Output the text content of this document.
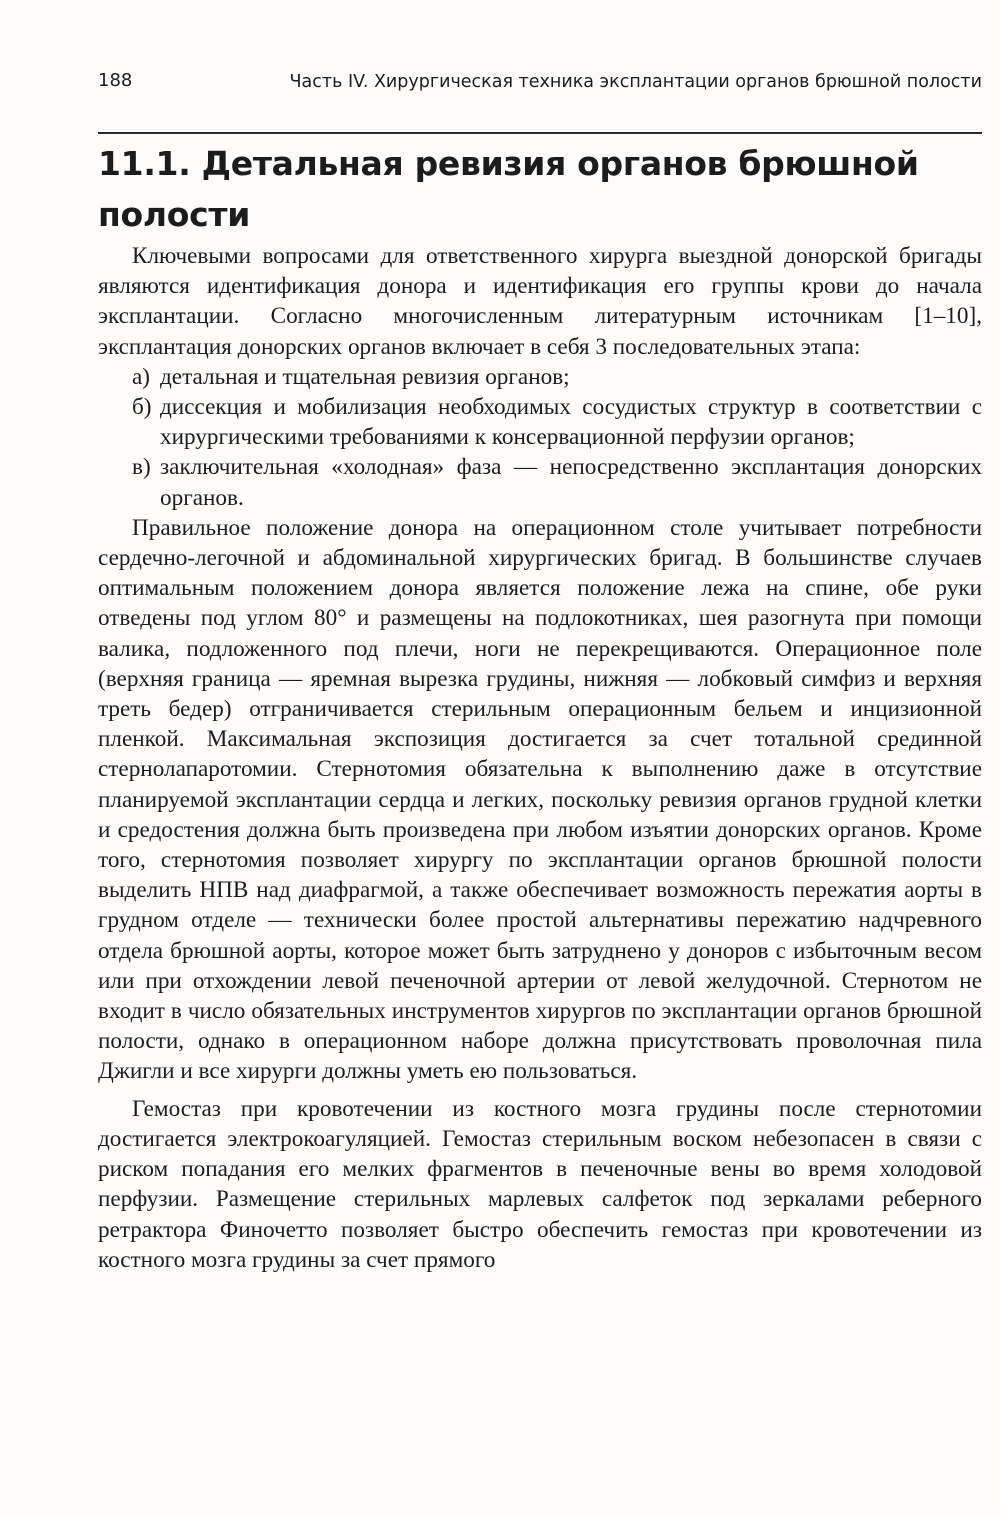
188	Часть IV. Хирургическая техника эксплантации органов брюшной полости
11.1. Детальная ревизия органов брюшной полости

Ключевыми вопросами для ответственного хирурга выездной донорской бригады являются идентификация донора и идентификация его группы крови до начала эксплантации. Согласно многочисленным литературным источникам [1–10], эксплантация донорских органов включает в себя 3 последовательных этапа:

а) детальная и тщательная ревизия органов;
б) диссекция и мобилизация необходимых сосудистых структур в соответствии с хирургическими требованиями к консервационной перфузии органов;
в) заключительная «холодная» фаза — непосредственно эксплантация донорских органов.

Правильное положение донора на операционном столе учитывает потребности сердечно-легочной и абдоминальной хирургических бригад. В большинстве случаев оптимальным положением донора является положение лежа на спине, обе руки отведены под углом 80° и размещены на подлокотниках, шея разогнута при помощи валика, подложенного под плечи, ноги не перекрещиваются. Операционное поле (верхняя граница — яремная вырезка грудины, нижняя — лобковый симфиз и верхняя треть бедер) отграничивается стерильным операционным бельем и инцизионной пленкой. Максимальная экспозиция достигается за счет тотальной срединной стернолапаротомии. Стернотомия обязательна к выполнению даже в отсутствие планируемой эксплантации сердца и легких, поскольку ревизия органов грудной клетки и средостения должна быть произведена при любом изъятии донорских органов. Кроме того, стернотомия позволяет хирургу по эксплантации органов брюшной полости выделить НПВ над диафрагмой, а также обеспечивает возможность пережатия аорты в грудном отделе — технически более простой альтернативы пережатию надчревного отдела брюшной аорты, которое может быть затруднено у доноров с избыточным весом или при отхождении левой печеночной артерии от левой желудочной. Стернотом не входит в число обязательных инструментов хирургов по эксплантации органов брюшной полости, однако в операционном наборе должна присутствовать проволочная пила Джигли и все хирурги должны уметь ею пользоваться.

Гемостаз при кровотечении из костного мозга грудины после стернотомии достигается электрокоагуляцией. Гемостаз стерильным воском небезопасен в связи с риском попадания его мелких фрагментов в печеночные вены во время холодовой перфузии. Размещение стерильных марлевых салфеток под зеркалами реберного ретрактора Финочетто позволяет быстро обеспечить гемостаз при кровотечении из костного мозга грудины за счет прямого
